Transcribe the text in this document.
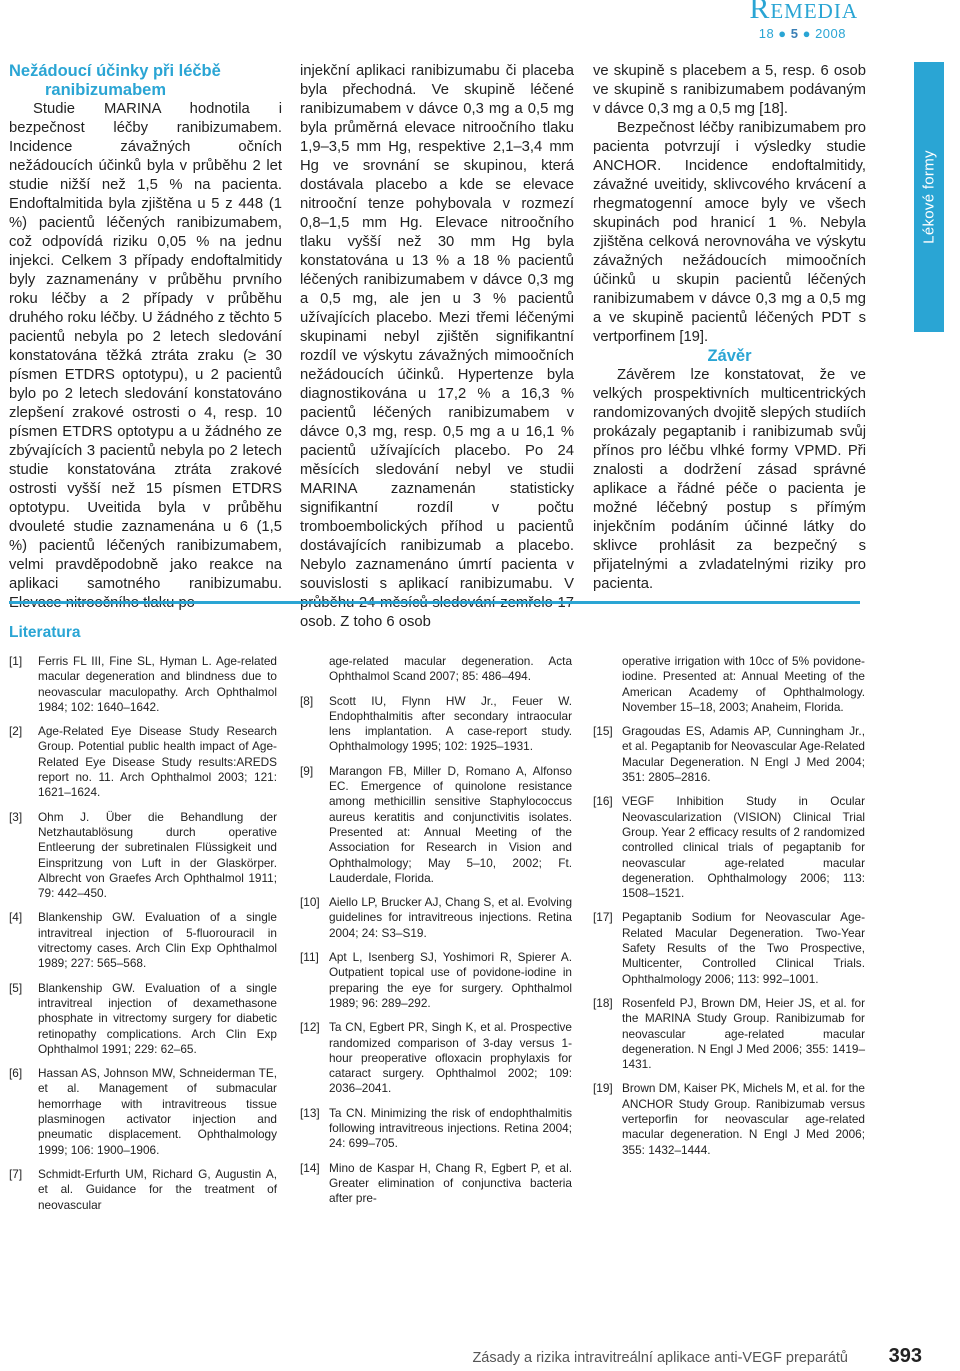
Remedia
18 ● 5 ● 2008

Nežádoucí účinky při léčbě
ranibizumabem

Studie MARINA hodnotila i bezpečnost léčby ranibizumabem. Incidence závažných očních nežádoucích účinků byla v průběhu 2 let studie nižší než 1,5 % na pacienta. Endoftalmitida byla zjištěna u 5 z 448 (1 %) pacientů léčených ranibizumabem, což odpovídá riziku 0,05 % na jednu injekci. Celkem 3 případy endoftalmitidy byly zaznamenány v průběhu prvního roku léčby a 2 případy v průběhu druhého roku léčby. U žádného z těchto 5 pacientů nebyla po 2 letech sledování konstatována těžká ztráta zraku (≥ 30 písmen ETDRS optotypu), u 2 pacientů bylo po 2 letech sledování konstatováno zlepšení zrakové ostrosti o 4, resp. 10 písmen ETDRS optotypu a u žádného ze zbývajících 3 pacientů nebyla po 2 letech studie konstatována ztráta zrakové ostrosti vyšší než 15 písmen ETDRS optotypu. Uveitida byla v průběhu dvouleté studie zaznamenána u 6 (1,5 %) pacientů léčených ranibizumabem, velmi pravděpodobně jako reakce na aplikaci samotného ranibizumabu.

injekční aplikaci ranibizumabu či placeba byla přechodná. Ve skupině léčené ranibizumabem v dávce 0,3 mg a 0,5 mg byla průměrná elevace nitroočního tlaku 1,9–3,5 mm Hg, respektive 2,1–3,4 mm Hg ve srovnání se skupinou, která dostávala placebo a kde se elevace nitrooční tenze pohybovala v rozmezí 0,8–1,5 mm Hg. Elevace nitroočního tlaku vyšší než 30 mm Hg byla konstatována u 13 % a 18 % pacientů léčených ranibizumabem v dávce 0,3 mg a 0,5 mg, ale jen u 3 % pacientů užívajících placebo. Mezi třemi léčenými skupinami nebyl zjištěn signifikantní rozdíl ve výskytu závažných mimoočních nežádoucích účinků. Hypertenze byla diagnostikována u 17,2 % a 16,3 % pacientů léčených ranibizumabem v dávce 0,3 mg, resp. 0,5 mg a u 16,1 % pacientů užívajících placebo. Po 24 měsících sledování nebyl ve studii MARINA zaznamenán statisticky signifikantní rozdíl v počtu tromboembolických příhod u pacientů dostávajících ranibizumab a placebo. Nebylo zaznamenáno úmrtí pacienta v souvislosti s aplikací ranibizumabu. V osob. Z toho 6 osob

ve skupině s placebem a 5, resp. 6 osob ve skupině s ranibizumabem podávaným v dávce 0,3 mg a 0,5 mg [18].

Bezpečnost léčby ranibizumabem pro pacienta potvrzují i výsledky studie ANCHOR. Incidence endoftalmitidy, závažné uveitidy, sklivcového krvácení a rhegmatogenní amoce byly ve všech skupinách pod hranicí 1 %. Nebyla zjištěna celková nerovnováha ve výskytu závažných nežádoucích mimoočních účinků u skupin pacientů léčených ranibizumabem v dávce 0,3 mg a 0,5 mg a ve skupině pacientů léčených PDT s vertporfinem [19].

Závěr

Závěrem lze konstatovat, že ve velkých prospektivních multicentrických randomizovaných dvojitě slepých studiích prokázaly pegaptanib i ranibizumab svůj přínos pro léčbu vlhké formy VPMD. Při znalosti a dodržení zásad správné aplikace a řádné péče o pacienta je možné léčebný postup s přímým injekčním podáním účinné látky do sklivce prohlásit za bezpečný s přijatelnými a zvladatelnými riziky pro pacienta.

Lékové formy
Literatura
[1]	Ferris FL III, Fine SL, Hyman L. Age-related macular degeneration and blindness due to neovascular maculopathy. Arch Ophthalmol 1984; 102: 1640–1642.
[2]	Age-Related Eye Disease Study Research Group. Potential public health impact of Age-Related Eye Disease Study results:AREDS report no. 11. Arch Ophthalmol 2003; 121: 1621–1624.
[3]	Ohm J. Über die Behandlung der Netzhautablösung durch operative Entleerung der subretinalen Flüssigkeit und Einspritzung von Luft in der Glaskörper. Albrecht von Graefes Arch Ophthalmol 1911; 79: 442–450.
[4]	Blankenship GW. Evaluation of a single intravitreal injection of 5-fluorouracil in vitrectomy cases. Arch Clin Exp Ophthalmol 1989; 227: 565–568.
[5]	Blankenship GW. Evaluation of a single intravitreal injection of dexamethasone phosphate in vitrectomy surgery for diabetic retinopathy complications. Arch Clin Exp Ophthalmol 1991; 229: 62–65.
[6]	Hassan AS, Johnson MW, Schneiderman TE, et al. Management of submacular hemorrhage with intravitreous tissue plasminogen activator injection and pneumatic displacement. Ophthalmology 1999; 106: 1900–1906.
[7]	Schmidt-Erfurth UM, Richard G, Augustin A, et al. Guidance for the treatment of neovascular
age-related macular degeneration. Acta Ophthalmol Scand 2007; 85: 486–494.
[8]	Scott IU, Flynn HW Jr., Feuer W. Endophthalmitis after secondary intraocular lens implantation. A case-report study. Ophthalmology 1995; 102: 1925–1931.
[9]	Marangon FB, Miller D, Romano A, Alfonso EC. Emergence of quinolone resistance among methicillin sensitive Staphylococcus aureus keratitis and conjunctivitis isolates. Presented at: Annual Meeting of the Association for Research in Vision and Ophthalmology; May 5–10, 2002; Ft. Lauderdale, Florida.
[10] Aiello LP, Brucker AJ, Chang S, et al. Evolving guidelines for intravitreous injections. Retina 2004; 24: S3–S19.
[11] Apt L, Isenberg SJ, Yoshimori R, Spierer A. Outpatient topical use of povidone-iodine in preparing the eye for surgery. Ophthalmol 1989; 96: 289–292.
[12] Ta CN, Egbert PR, Singh K, et al. Prospective randomized comparison of 3-day versus 1-hour preoperative ofloxacin prophylaxis for cataract surgery. Ophthalmol 2002; 109: 2036–2041.
[13] Ta CN. Minimizing the risk of endophthalmitis following intravitreous injections. Retina 2004; 24: 699–705.
[14] Mino de Kaspar H, Chang R, Egbert P, et al. Greater elimination of conjunctiva bacteria after pre-
operative irrigation with 10cc of 5% povidone-iodine. Presented at: Annual Meeting of the American Academy of Ophthalmology. November 15–18, 2003; Anaheim, Florida.
[15] Gragoudas ES, Adamis AP, Cunningham Jr., et al. Pegaptanib for Neovascular Age-Related Macular Degeneration. N Engl J Med 2004; 351: 2805–2816.
[16] VEGF Inhibition Study in Ocular Neovascularization (VISION) Clinical Trial Group. Year 2 efficacy results of 2 randomized controlled clinical trials of pegaptanib for neovascular age-related macular degeneration. Ophthalmology 2006; 113: 1508–1521.
[17] Pegaptanib Sodium for Neovascular Age-Related Macular Degeneration. Two-Year Safety Results of the Two Prospective, Multicenter, Controlled Clinical Trials. Ophthalmology 2006; 113: 992–1001.
[18] Rosenfeld PJ, Brown DM, Heier JS, et al. for the MARINA Study Group. Ranibizumab for neovascular age-related macular degeneration. N Engl J Med 2006; 355: 1419–1431.
[19] Brown DM, Kaiser PK, Michels M, et al. for the ANCHOR Study Group. Ranibizumab versus verteporfin for neovascular age-related macular degeneration. N Engl J Med 2006; 355: 1432–1444.
Zásady a rizika intravitreální aplikace anti-VEGF preparátů 393
